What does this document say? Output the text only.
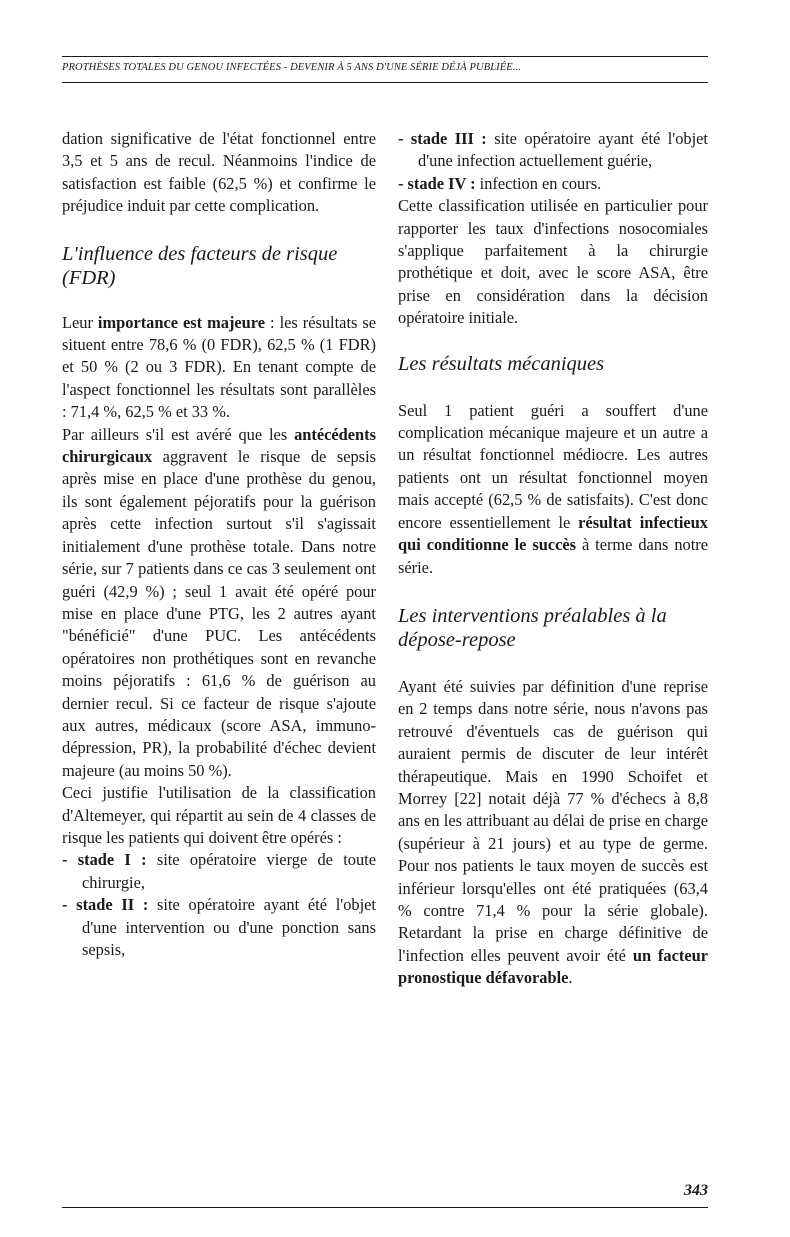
PROTHÈSES TOTALES DU GENOU INFECTÉES - DEVENIR À 5 ANS D'UNE SÉRIE DÉJÀ PUBLIÉE...

dation significative de l'état fonctionnel entre 3,5 et 5 ans de recul. Néanmoins l'indice de satisfaction est faible (62,5 %) et confirme le préjudice induit par cette complication.

L'influence des facteurs de risque (FDR)

Leur importance est majeure : les résultats se situent entre 78,6 % (0 FDR), 62,5 % (1 FDR) et 50 % (2 ou 3 FDR). En tenant compte de l'aspect fonctionnel les résultats sont parallèles : 71,4 %, 62,5 % et 33 %.

Par ailleurs s'il est avéré que les antécédents chirurgicaux aggravent le risque de sepsis après mise en place d'une prothèse du genou, ils sont également péjoratifs pour la guérison après cette infection surtout s'il s'agissait initialement d'une prothèse totale. Dans notre série, sur 7 patients dans ce cas 3 seulement ont guéri (42,9 %) ; seul 1 avait été opéré pour mise en place d'une PTG, les 2 autres ayant "bénéficié" d'une PUC. Les antécédents opératoires non prothétiques sont en revanche moins péjoratifs : 61,6 % de guérison au dernier recul. Si ce facteur de risque s'ajoute aux autres, médicaux (score ASA, immuno-dépression, PR), la probabilité d'échec devient majeure (au moins 50 %).

Ceci justifie l'utilisation de la classification d'Altemeyer, qui répartit au sein de 4 classes de risque les patients qui doivent être opérés :

- stade I : site opératoire vierge de toute chirurgie,

- stade II : site opératoire ayant été l'objet d'une intervention ou d'une ponction sans sepsis,

- stade III : site opératoire ayant été l'objet d'une infection actuellement guérie,

- stade IV : infection en cours.

Cette classification utilisée en particulier pour rapporter les taux d'infections nosocomiales s'applique parfaitement à la chirurgie prothétique et doit, avec le score ASA, être prise en considération dans la décision opératoire initiale.

Les résultats mécaniques

Seul 1 patient guéri a souffert d'une complication mécanique majeure et un autre a un résultat fonctionnel médiocre. Les autres patients ont un résultat fonctionnel moyen mais accepté (62,5 % de satisfaits). C'est donc encore essentiellement le résultat infectieux qui conditionne le succès à terme dans notre série.

Les interventions préalables à la dépose-repose

Ayant été suivies par définition d'une reprise en 2 temps dans notre série, nous n'avons pas retrouvé d'éventuels cas de guérison qui auraient permis de discuter de leur intérêt thérapeutique. Mais en 1990 Schoifet et Morrey [22] notait déjà 77 % d'échecs à 8,8 ans en les attribuant au délai de prise en charge (supérieur à 21 jours) et au type de germe. Pour nos patients le taux moyen de succès est inférieur lorsqu'elles ont été pratiquées (63,4 % contre 71,4 % pour la série globale). Retardant la prise en charge définitive de l'infection elles peuvent avoir été un facteur pronostique défavorable.

343
